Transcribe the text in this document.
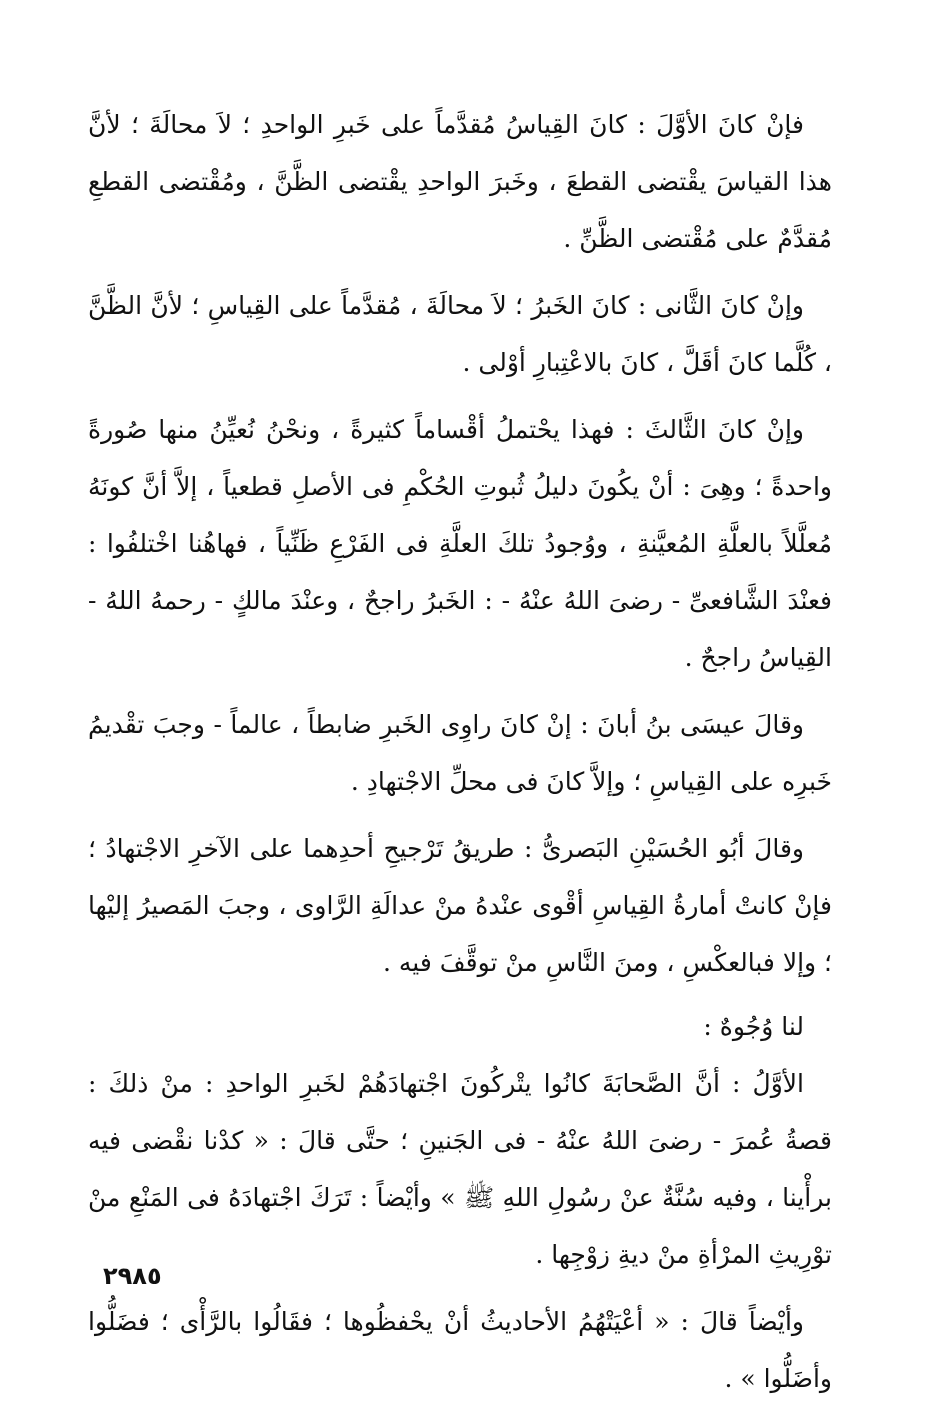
فإنْ كانَ الأوَّلَ : كانَ القِياسُ مُقدَّماً على خَبرِ الواحدِ ؛ لاَ محالَةَ ؛ لأنَّ هذا القياسَ يقْتضى القطعَ ، وخَبرَ الواحدِ يقْتضى الظَّنَّ ، ومُقْتضى القطعِ مُقدَّمٌ على مُقْتضى الظَّنِّ .

وإنْ كانَ الثَّانى : كانَ الخَبرُ ؛ لاَ محالَةَ ، مُقدَّماً على القِياسِ ؛ لأنَّ الظَّنَّ ، كُلَّما كانَ أقَلَّ ، كانَ بالاعْتِبارِ أوْلى .

وإنْ كانَ الثَّالثَ : فهذا يحْتملُ أقْساماً كثيرةً ، ونحْنُ نُعيِّنُ منها صُورةً واحدةً ؛ وهِىَ : أنْ يكُونَ دليلُ ثُبوتِ الحُكْمِ فى الأصلِ قطعياً ، إلاَّ أنَّ كونَهُ مُعلَّلاً بالعلَّةِ المُعيَّنةِ ، ووُجودُ تلكَ العلَّةِ فى الفَرْعِ ظَنِّياً ، فهاهُنا اخْتلفُوا : فعنْدَ الشَّافعىِّ - رضىَ اللهُ عنْهُ - : الخَبرُ راجحٌ ، وعنْدَ مالكٍ - رحمهُ اللهُ - القِياسُ راجحٌ .

وقالَ عيسَى بنُ أبانَ : إنْ كانَ راوِى الخَبرِ ضابطاً ، عالماً - وجبَ تقْديمُ خَبرِه على القِياسِ ؛ وإلاَّ كانَ فى محلِّ الاجْتهادِ .

وقالَ أبُو الحُسَيْنِ البَصرىُّ : طريقُ تَرْجيحِ أحدِهما على الآخرِ الاجْتهادُ ؛ فإنْ كانتْ أمارةُ القِياسِ أقْوى عنْدهُ منْ عدالَةِ الرَّاوى ، وجبَ المَصيرُ إليْها ؛ وإلا فبالعكْسِ ، ومنَ النَّاسِ منْ توقَّفَ فيه .

لنا وُجُوهٌ :

الأوَّلُ : أنَّ الصَّحابَةَ كانُوا يتْركُونَ اجْتهادَهُمْ لخَبرِ الواحدِ : منْ ذلكَ : قصةُ عُمرَ - رضىَ اللهُ عنْهُ - فى الجَنينِ ؛ حتَّى قالَ : « كدْنا نقْضى فيه برأْينا ، وفيه سُنَّةٌ عنْ رسُولِ اللهِ ﷺ » وأيْضاً : تَرَكَ اجْتهادَهُ فى المَنْعِ منْ توْرِيثِ المرْأةِ منْ ديةِ زوْجِها .

وأيْضاً قالَ : « أعْيَتْهُمُ الأحاديثُ أنْ يحْفظُوها ؛ فقَالُوا بالرَّأْى ؛ فضَلُّوا وأضَلُّوا » .

٢٩٨٥
